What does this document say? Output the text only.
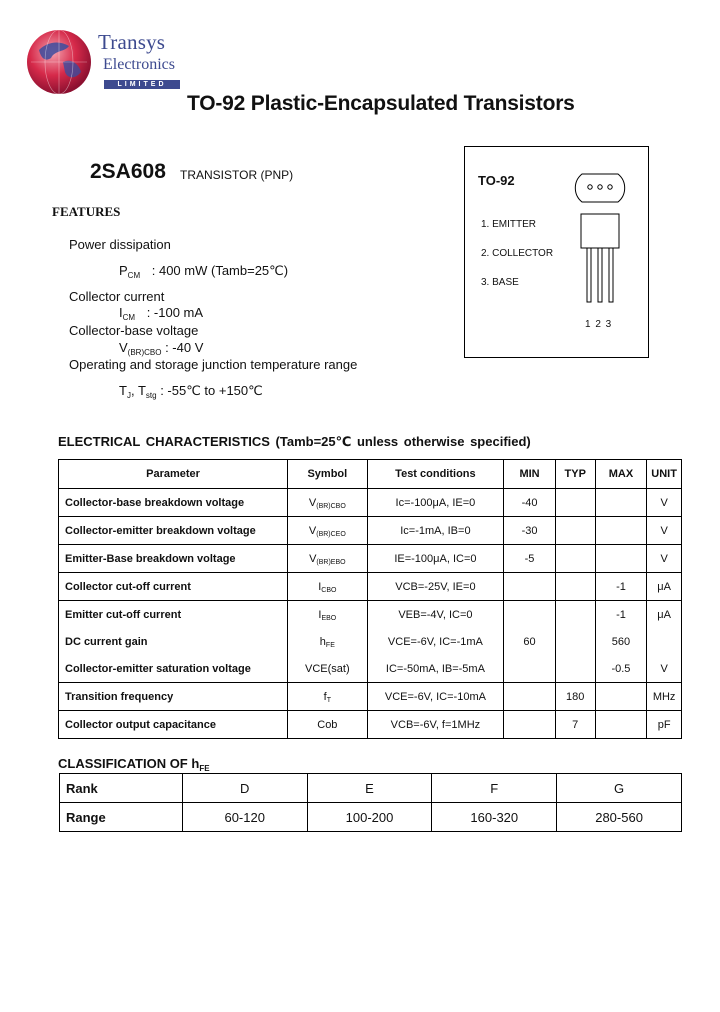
Transys
Electronics
LIMITED
TO-92 Plastic-Encapsulated Transistors
2SA608 TRANSISTOR (PNP)
FEATURES
Power dissipation
$P_{CM}$ : 400 mW (Tamb=25℃)
Collector current
$I_{CM}$ : -100 mA
Collector-base voltage
$V_{(BR)CBO}$ : -40 V
Operating and storage junction temperature range
$T_J$, $T_{stg}$ : -55℃ to +150℃
TO-92
1. EMITTER
2. COLLECTOR
3. BASE
1 2 3
ELECTRICAL CHARACTERISTICS (Tamb=25℃ unless otherwise specified)
Parameter	Symbol	Test conditions	MIN	TYP	MAX	UNIT
Collector-base breakdown voltage	V(BR)CBO	Ic=-100μA, IE=0	-40			V
Collector-emitter breakdown voltage	V(BR)CEO	Ic=-1mA, IB=0	-30			V
Emitter-Base breakdown voltage	V(BR)EBO	IE=-100μA, IC=0	-5			V
Collector cut-off current	ICBO	VCB=-25V, IE=0			-1	μA
Emitter cut-off current	IEBO	VEB=-4V, IC=0			-1	μA
DC current gain	hFE	VCE=-6V, IC=-1mA	60		560	
Collector-emitter saturation voltage	VCE(sat)	IC=-50mA, IB=-5mA			-0.5	V
Transition frequency	fT	VCE=-6V, IC=-10mA		180		MHz
Collector output capacitance	Cob	VCB=-6V, f=1MHz		7		pF
CLASSIFICATION OF $h_{FE}$
Rank	D	E	F	G
Range	60-120	100-200	160-320	280-560
